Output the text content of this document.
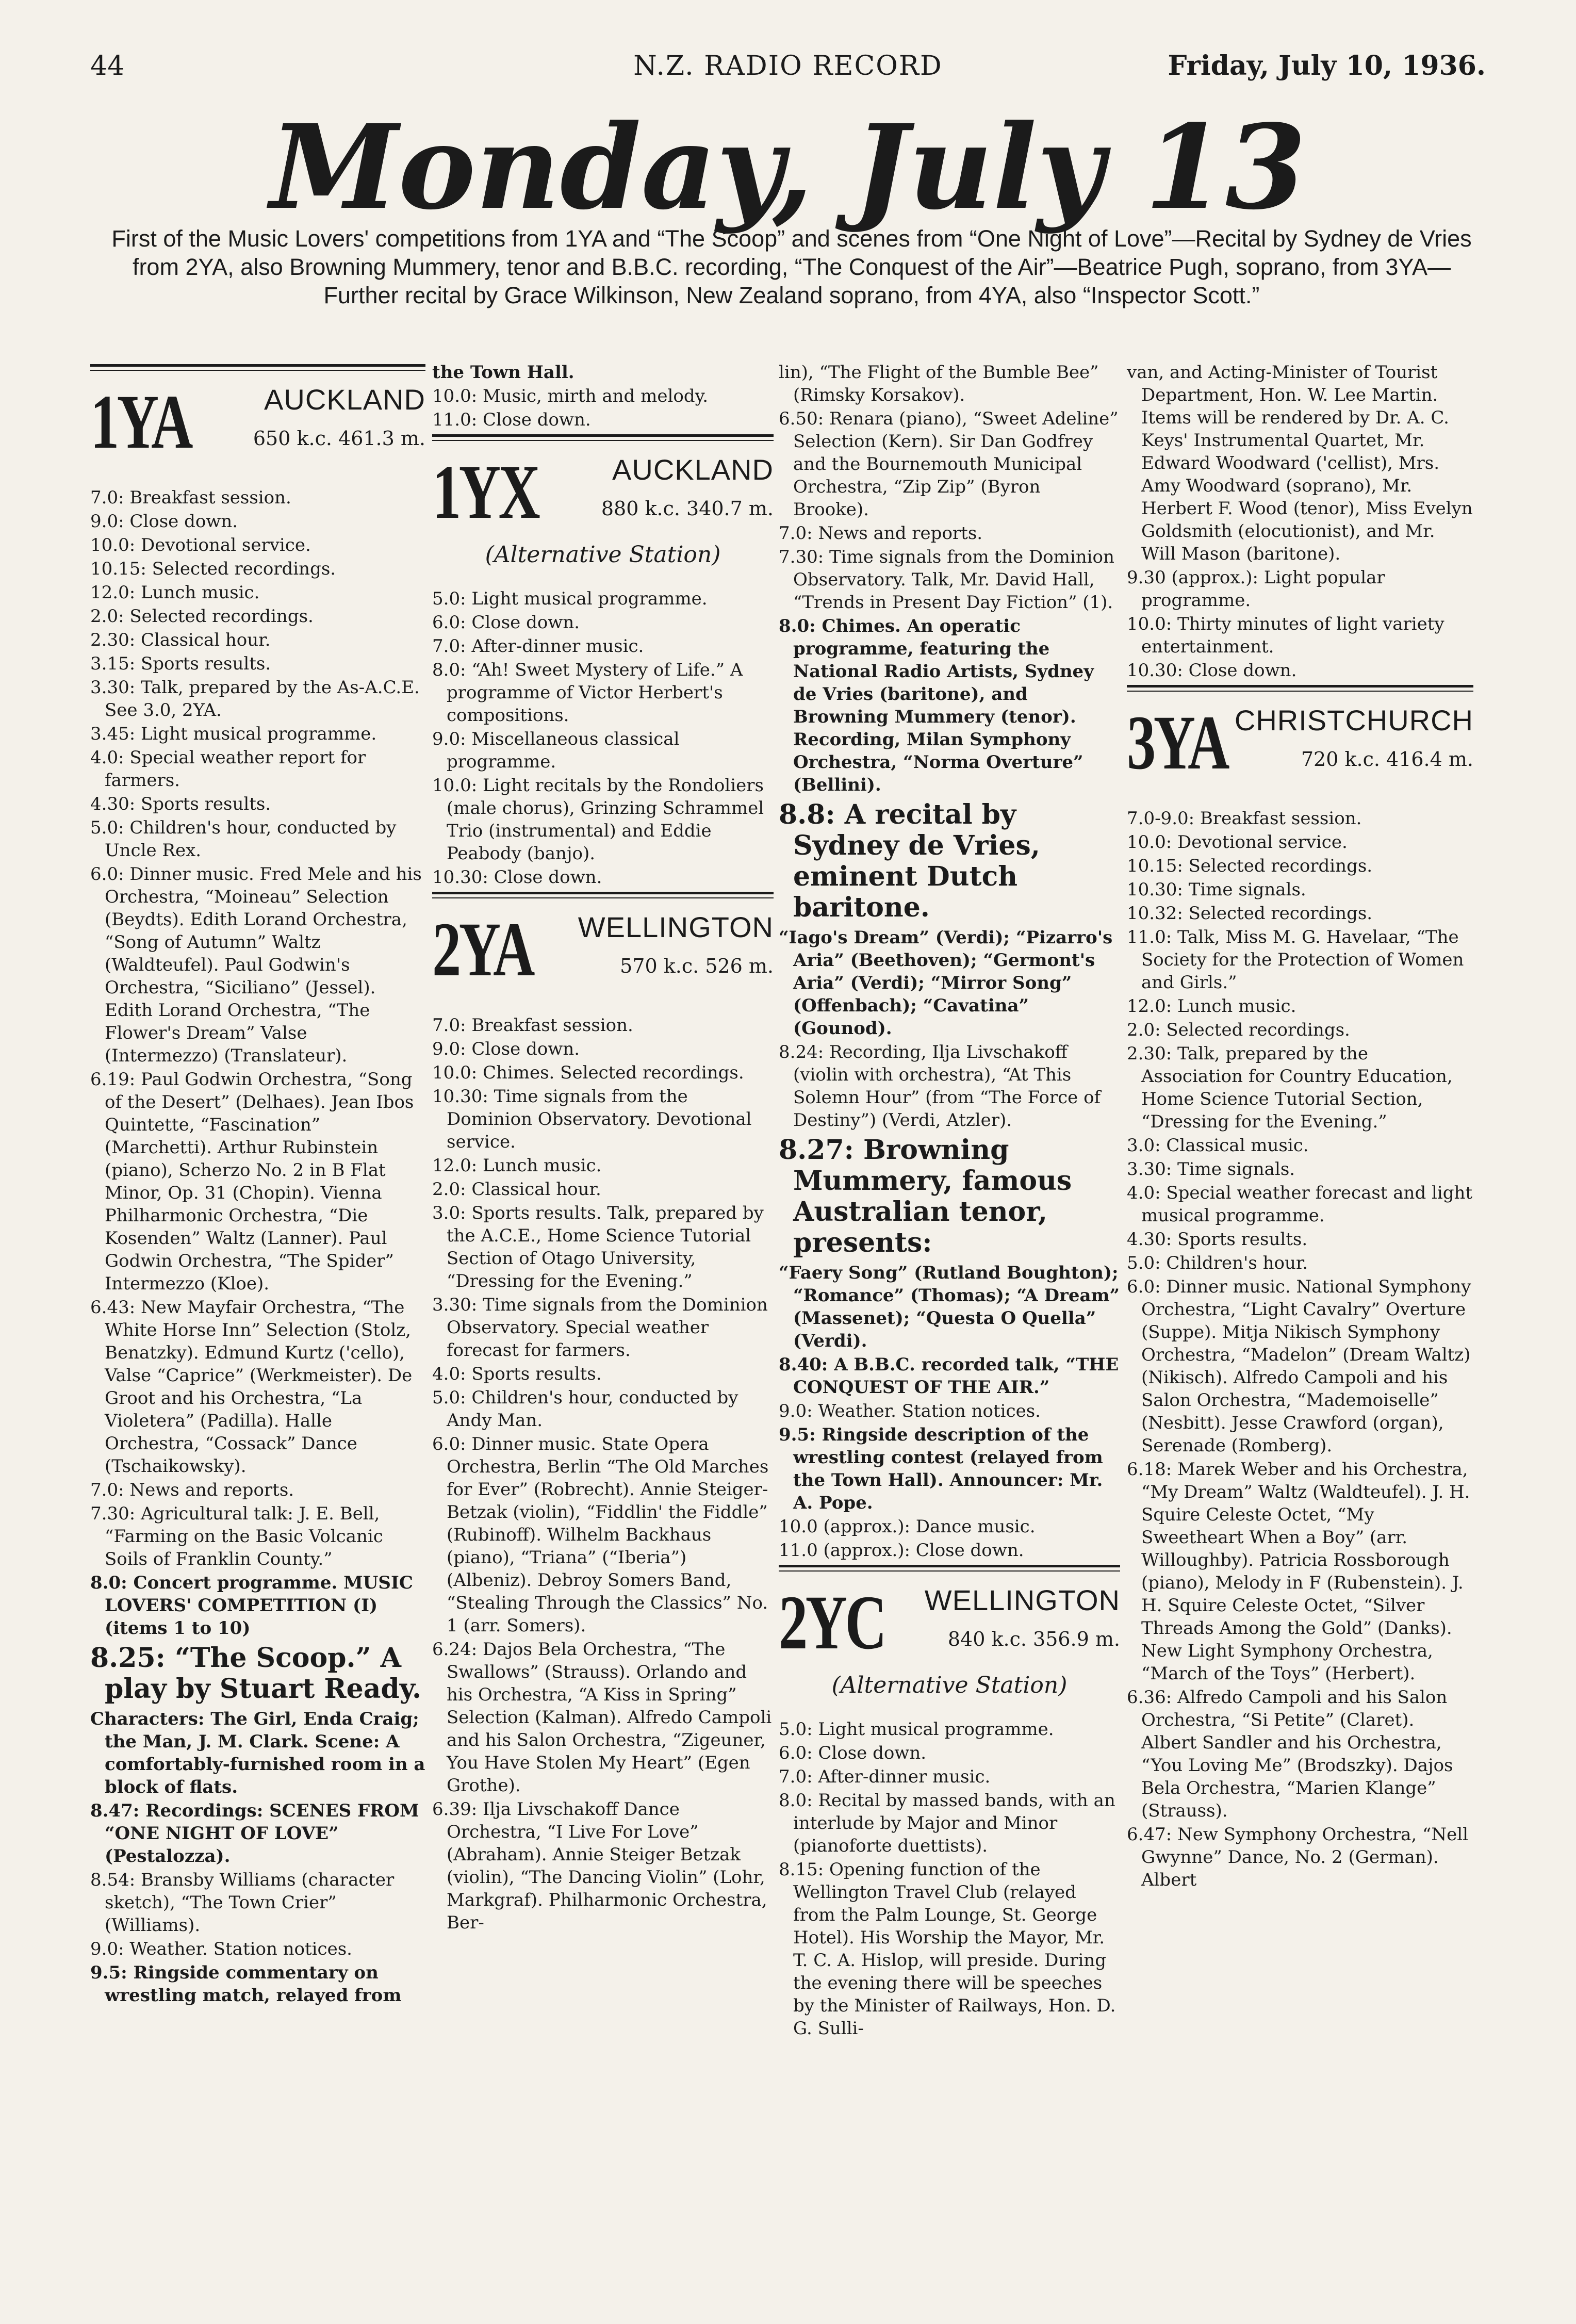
44	N.Z. RADIO RECORD	Friday, July 10, 1936.
Monday, July 13
First of the Music Lovers' competitions from 1YA and “The Scoop” and scenes from “One Night of Love”—Recital by Sydney de Vries from 2YA, also Browning Mummery, tenor and B.B.C. recording, “The Conquest of the Air”—Beatrice Pugh, soprano, from 3YA—Further recital by Grace Wilkinson, New Zealand soprano, from 4YA, also “Inspector Scott.”
1YA	AUCKLAND
650 k.c. 461.3 m.
7.0: Breakfast session.
9.0: Close down.
10.0: Devotional service.
10.15: Selected recordings.
12.0: Lunch music.
2.0: Selected recordings.
2.30: Classical hour.
3.15: Sports results.
3.30: Talk, prepared by the As-A.C.E. See 3.0, 2YA.
3.45: Light musical programme.
4.0: Special weather report for farmers.
4.30: Sports results.
5.0: Children's hour, conducted by Uncle Rex.
6.0: Dinner music. Fred Mele and his Orchestra, “Moineau” Selection (Beydts). Edith Lorand Orchestra, “Song of Autumn” Waltz (Waldteufel). Paul Godwin's Orchestra, “Siciliano” (Jessel). Edith Lorand Orchestra, “The Flower's Dream” Valse (Intermezzo) (Translateur).
6.19: Paul Godwin Orchestra, “Song of the Desert” (Delhaes). Jean Ibos Quintette, “Fascination” (Marchetti). Arthur Rubinstein (piano), Scherzo No. 2 in B Flat Minor, Op. 31 (Chopin). Vienna Philharmonic Orchestra, “Die Kosenden” Waltz (Lanner). Paul Godwin Orchestra, “The Spider” Intermezzo (Kloe).
6.43: New Mayfair Orchestra, “The White Horse Inn” Selection (Stolz, Benatzky). Edmund Kurtz ('cello), Valse “Caprice” (Werkmeister). De Groot and his Orchestra, “La Violetera” (Padilla). Halle Orchestra, “Cossack” Dance (Tschaikowsky).
7.0: News and reports.
7.30: Agricultural talk: J. E. Bell, “Farming on the Basic Volcanic Soils of Franklin County.”
8.0: Concert programme. MUSIC LOVERS' COMPETITION (I) (items 1 to 10)
8.25: “The Scoop.” A play by Stuart Ready.
Characters: The Girl, Enda Craig; the Man, J. M. Clark. Scene: A comfortably-furnished room in a block of flats.
8.47: Recordings: SCENES FROM “ONE NIGHT OF LOVE” (Pestalozza).
8.54: Bransby Williams (character sketch), “The Town Crier” (Williams).
9.0: Weather. Station notices.
9.5: Ringside commentary on wrestling match, relayed from
the Town Hall.
10.0: Music, mirth and melody.
11.0: Close down.
1YX	AUCKLAND
880 k.c. 340.7 m.
(Alternative Station)
5.0: Light musical programme.
6.0: Close down.
7.0: After-dinner music.
8.0: “Ah! Sweet Mystery of Life.” A programme of Victor Herbert's compositions.
9.0: Miscellaneous classical programme.
10.0: Light recitals by the Rondoliers (male chorus), Grinzing Schrammel Trio (instrumental) and Eddie Peabody (banjo).
10.30: Close down.
2YA WELLINGTON
570 k.c. 526 m.
7.0: Breakfast session.
9.0: Close down.
10.0: Chimes. Selected recordings.
10.30: Time signals from the Dominion Observatory. Devotional service.
12.0: Lunch music.
2.0: Classical hour.
3.0: Sports results. Talk, prepared by the A.C.E., Home Science Tutorial Section of Otago University, “Dressing for the Evening.”
3.30: Time signals from the Dominion Observatory. Special weather forecast for farmers.
4.0: Sports results.
5.0: Children's hour, conducted by Andy Man.
6.0: Dinner music. State Opera Orchestra, Berlin “The Old Marches for Ever” (Robrecht). Annie Steiger-Betzak (violin), “Fiddlin' the Fiddle” (Rubinoff). Wilhelm Backhaus (piano), “Triana” (“Iberia”) (Albeniz). Debroy Somers Band, “Stealing Through the Classics” No. 1 (arr. Somers).
6.24: Dajos Bela Orchestra, “The Swallows” (Strauss). Orlando and his Orchestra, “A Kiss in Spring” Selection (Kalman). Alfredo Campoli and his Salon Orchestra, “Zigeuner, You Have Stolen My Heart” (Egen Grothe).
6.39: Ilja Livschakoff Dance Orchestra, “I Live For Love” (Abraham). Annie Steiger Betzak (violin), “The Dancing Violin” (Lohr, Markgraf). Philharmonic Orchestra, Ber-
lin), “The Flight of the Bumble Bee” (Rimsky Korsakov).
6.50: Renara (piano), “Sweet Adeline” Selection (Kern). Sir Dan Godfrey and the Bournemouth Municipal Orchestra, “Zip Zip” (Byron Brooke).
7.0: News and reports.
7.30: Time signals from the Dominion Observatory. Talk, Mr. David Hall, “Trends in Present Day Fiction” (1).
8.0: Chimes. An operatic programme, featuring the National Radio Artists, Sydney de Vries (baritone), and Browning Mummery (tenor). Recording, Milan Symphony Orchestra, “Norma Overture” (Bellini).
8.8: A recital by Sydney de Vries, eminent Dutch baritone.
“Iago's Dream” (Verdi); “Pizarro's Aria” (Beethoven); “Germont's Aria” (Verdi); “Mirror Song” (Offenbach); “Cavatina” (Gounod).
8.24: Recording, Ilja Livschakoff (violin with orchestra), “At This Solemn Hour” (from “The Force of Destiny”) (Verdi, Atzler).
8.27: Browning Mummery, famous Australian tenor, presents:
“Faery Song” (Rutland Boughton); “Romance” (Thomas); “A Dream” (Massenet); “Questa O Quella” (Verdi).
8.40: A B.B.C. recorded talk, “THE CONQUEST OF THE AIR.”
9.0: Weather. Station notices.
9.5: Ringside description of the wrestling contest (relayed from the Town Hall). Announcer: Mr. A. Pope.
10.0 (approx.): Dance music.
11.0 (approx.): Close down.
2YC WELLINGTON
840 k.c. 356.9 m.
(Alternative Station)
5.0: Light musical programme.
6.0: Close down.
7.0: After-dinner music.
8.0: Recital by massed bands, with an interlude by Major and Minor (pianoforte duettists).
8.15: Opening function of the Wellington Travel Club (relayed from the Palm Lounge, St. George Hotel). His Worship the Mayor, Mr. T. C. A. Hislop, will preside. During the evening there will be speeches by the Minister of Railways, Hon. D. G. Sulli-
van, and Acting-Minister of Tourist Department, Hon. W. Lee Martin. Items will be rendered by Dr. A. C. Keys' Instrumental Quartet, Mr. Edward Woodward ('cellist), Mrs. Amy Woodward (soprano), Mr. Herbert F. Wood (tenor), Miss Evelyn Goldsmith (elocutionist), and Mr. Will Mason (baritone).
9.30 (approx.): Light popular programme.
10.0: Thirty minutes of light variety entertainment.
10.30: Close down.
3YA CHRISTCHURCH
720 k.c. 416.4 m.
7.0-9.0: Breakfast session.
10.0: Devotional service.
10.15: Selected recordings.
10.30: Time signals.
10.32: Selected recordings.
11.0: Talk, Miss M. G. Havelaar, “The Society for the Protection of Women and Girls.”
12.0: Lunch music.
2.0: Selected recordings.
2.30: Talk, prepared by the Association for Country Education, Home Science Tutorial Section, “Dressing for the Evening.”
3.0: Classical music.
3.30: Time signals.
4.0: Special weather forecast and light musical programme.
4.30: Sports results.
5.0: Children's hour.
6.0: Dinner music. National Symphony Orchestra, “Light Cavalry” Overture (Suppe). Mitja Nikisch Symphony Orchestra, “Madelon” (Dream Waltz) (Nikisch). Alfredo Campoli and his Salon Orchestra, “Mademoiselle” (Nesbitt). Jesse Crawford (organ), Serenade (Romberg).
6.18: Marek Weber and his Orchestra, “My Dream” Waltz (Waldteufel). J. H. Squire Celeste Octet, “My Sweetheart When a Boy” (arr. Willoughby). Patricia Rossborough (piano), Melody in F (Rubenstein). J. H. Squire Celeste Octet, “Silver Threads Among the Gold” (Danks). New Light Symphony Orchestra, “March of the Toys” (Herbert).
6.36: Alfredo Campoli and his Salon Orchestra, “Si Petite” (Claret). Albert Sandler and his Orchestra, “You Loving Me” (Brodszky). Dajos Bela Orchestra, “Marien Klange” (Strauss).
6.47: New Symphony Orchestra, “Nell Gwynne” Dance, No. 2 (German). Albert
